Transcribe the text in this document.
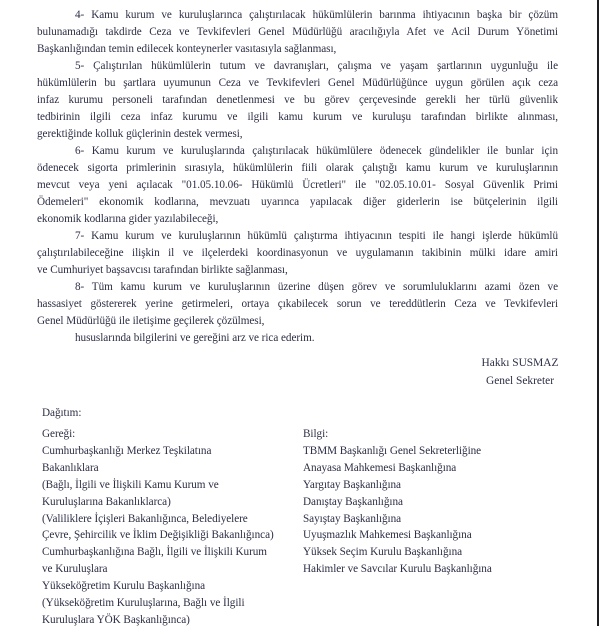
4- Kamu kurum ve kuruluşlarınca çalıştırılacak hükümlülerin barınma ihtiyacının başka bir çözüm
bulunamadığı takdirde Ceza ve Tevkifevleri Genel Müdürlüğü aracılığıyla Afet ve Acil Durum Yönetimi
Başkanlığından temin edilecek konteynerler vasıtasıyla sağlanması,
5- Çalıştırılan hükümlülerin tutum ve davranışları, çalışma ve yaşam şartlarının uygunluğu ile
hükümlülerin bu şartlara uyumunun Ceza ve Tevkifevleri Genel Müdürlüğünce uygun görülen açık ceza
infaz kurumu personeli tarafından denetlenmesi ve bu görev çerçevesinde gerekli her türlü güvenlik
tedbirinin ilgili ceza infaz kurumu ve ilgili kamu kurum ve kuruluşu tarafından birlikte alınması,
gerektiğinde kolluk güçlerinin destek vermesi,
6- Kamu kurum ve kuruluşlarında çalıştırılacak hükümlülere ödenecek gündelikler ile bunlar için
ödenecek sigorta primlerinin sırasıyla, hükümlülerin fiili olarak çalıştığı kamu kurum ve kuruluşlarının
mevcut veya yeni açılacak "01.05.10.06- Hükümlü Ücretleri" ile "02.05.10.01- Sosyal Güvenlik Primi
Ödemeleri" ekonomik kodlarına, mevzuatı uyarınca yapılacak diğer giderlerin ise bütçelerinin ilgili
ekonomik kodlarına gider yazılabileceği,
7- Kamu kurum ve kuruluşlarının hükümlü çalıştırma ihtiyacının tespiti ile hangi işlerde hükümlü
çalıştırılabileceğine ilişkin il ve ilçelerdeki koordinasyonun ve uygulamanın takibinin mülki idare amiri
ve Cumhuriyet başsavcısı tarafından birlikte sağlanması,
8- Tüm kamu kurum ve kuruluşlarının üzerine düşen görev ve sorumluluklarını azami özen ve
hassasiyet göstererek yerine getirmeleri, ortaya çıkabilecek sorun ve tereddütlerin Ceza ve Tevkifevleri
Genel Müdürlüğü ile iletişime geçilerek çözülmesi,
hususlarında bilgilerini ve gereğini arz ve rica ederim.
Hakkı SUSMAZ
Genel Sekreter
Dağıtım:
Gereği:
Cumhurbaşkanlığı Merkez Teşkilatına
Bakanlıklara
(Bağlı, İlgili ve İlişkili Kamu Kurum ve
Kuruluşlarına Bakanlıklarca)
(Valiliklere İçişleri Bakanlığınca, Belediyelere
Çevre, Şehircilik ve İklim Değişikliği Bakanlığınca)
Cumhurbaşkanlığına Bağlı, İlgili ve İlişkili Kurum
ve Kuruluşlara
Yükseköğretim Kurulu Başkanlığına
(Yükseköğretim Kuruluşlarına, Bağlı ve İlgili
Kuruluşlara YÖK Başkanlığınca)
Bilgi:
TBMM Başkanlığı Genel Sekreterliğine
Anayasa Mahkemesi Başkanlığına
Yargıtay Başkanlığına
Danıştay Başkanlığına
Sayıştay Başkanlığına
Uyuşmazlık Mahkemesi Başkanlığına
Yüksek Seçim Kurulu Başkanlığına
Hakimler ve Savcılar Kurulu Başkanlığına
